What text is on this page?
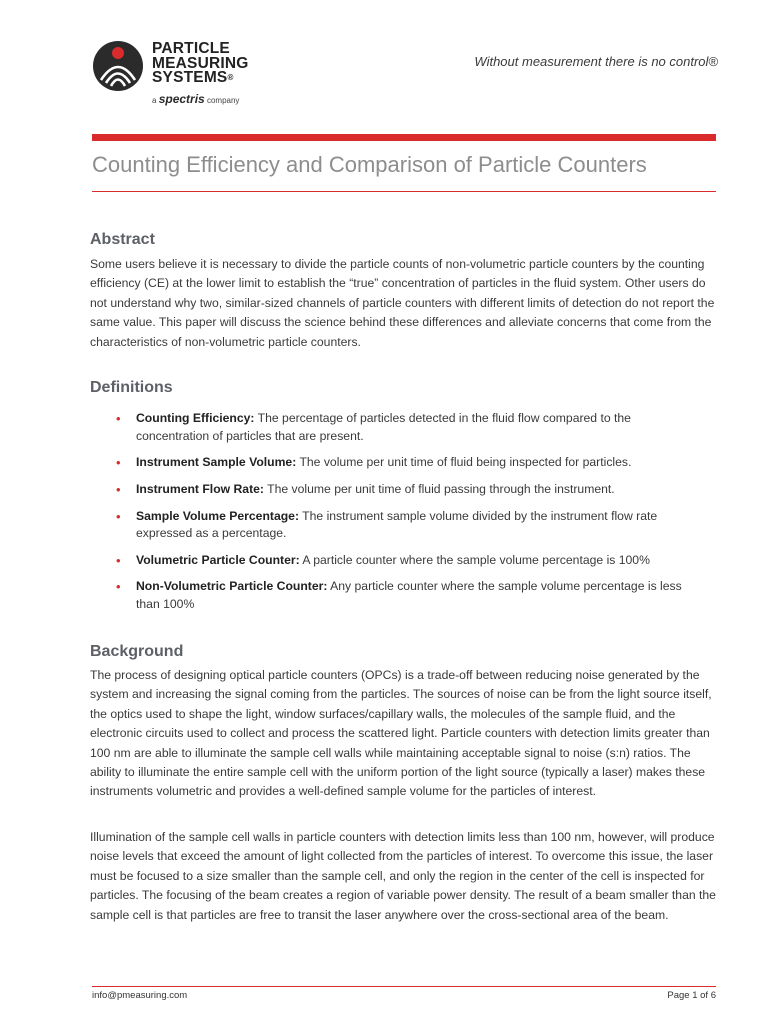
PARTICLE
MEASURING
SYSTEMS®
a spectris company
Without measurement there is no control®
Counting Efficiency and Comparison of Particle Counters
Abstract

Some users believe it is necessary to divide the particle counts of non-volumetric particle counters by the counting efficiency (CE) at the lower limit to establish the “true” concentration of particles in the fluid system. Other users do not understand why two, similar-sized channels of particle counters with different limits of detection do not report the same value. This paper will discuss the science behind these differences and alleviate concerns that come from the characteristics of non-volumetric particle counters.

Definitions
• Counting Efficiency: The percentage of particles detected in the fluid flow compared to the concentration of particles that are present.
• Instrument Sample Volume: The volume per unit time of fluid being inspected for particles.
• Instrument Flow Rate: The volume per unit time of fluid passing through the instrument.
• Sample Volume Percentage: The instrument sample volume divided by the instrument flow rate expressed as a percentage.
• Volumetric Particle Counter: A particle counter where the sample volume percentage is 100%
• Non-Volumetric Particle Counter: Any particle counter where the sample volume percentage is less than 100%
Background

The process of designing optical particle counters (OPCs) is a trade-off between reducing noise generated by the system and increasing the signal coming from the particles. The sources of noise can be from the light source itself, the optics used to shape the light, window surfaces/capillary walls, the molecules of the sample fluid, and the electronic circuits used to collect and process the scattered light. Particle counters with detection limits greater than 100 nm are able to illuminate the sample cell walls while maintaining acceptable signal to noise (s:n) ratios. The ability to illuminate the entire sample cell with the uniform portion of the light source (typically a laser) makes these instruments volumetric and provides a well-defined sample volume for the particles of interest.

Illumination of the sample cell walls in particle counters with detection limits less than 100 nm, however, will produce noise levels that exceed the amount of light collected from the particles of interest. To overcome this issue, the laser must be focused to a size smaller than the sample cell, and only the region in the center of the cell is inspected for particles. The focusing of the beam creates a region of variable power density. The result of a beam smaller than the sample cell is that particles are free to transit the laser anywhere over the cross-sectional area of the beam.

info@pmeasuring.com	Page 1 of 6
